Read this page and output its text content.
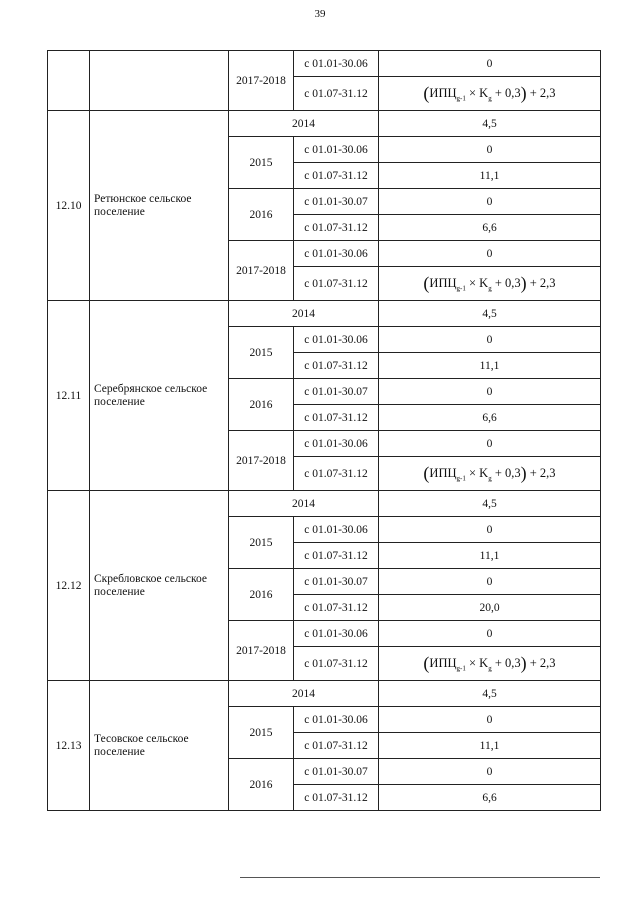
39
		2017-2018	с 01.01-30.06	0
			с 01.07-31.12	$(ИПЦ_{g-1} \times K_g + 0,3) + 2,3$
12.10	Ретюнское сельское поселение	2014		4,5
		2015	с 01.01-30.06	0
			с 01.07-31.12	11,1
		2016	с 01.01-30.07	0
			с 01.07-31.12	6,6
		2017-2018	с 01.01-30.06	0
			с 01.07-31.12	$(ИПЦ_{g-1} \times K_g + 0,3) + 2,3$
12.11	Серебрянское сельское поселение	2014		4,5
		2015	с 01.01-30.06	0
			с 01.07-31.12	11,1
		2016	с 01.01-30.07	0
			с 01.07-31.12	6,6
		2017-2018	с 01.01-30.06	0
			с 01.07-31.12	$(ИПЦ_{g-1} \times K_g + 0,3) + 2,3$
12.12	Скребловское сельское поселение	2014		4,5
		2015	с 01.01-30.06	0
			с 01.07-31.12	11,1
		2016	с 01.01-30.07	0
			с 01.07-31.12	20,0
		2017-2018	с 01.01-30.06	0
			с 01.07-31.12	$(ИПЦ_{g-1} \times K_g + 0,3) + 2,3$
12.13	Тесовское сельское поселение	2014		4,5
		2015	с 01.01-30.06	0
			с 01.07-31.12	11,1
		2016	с 01.01-30.07	0
			с 01.07-31.12	6,6
